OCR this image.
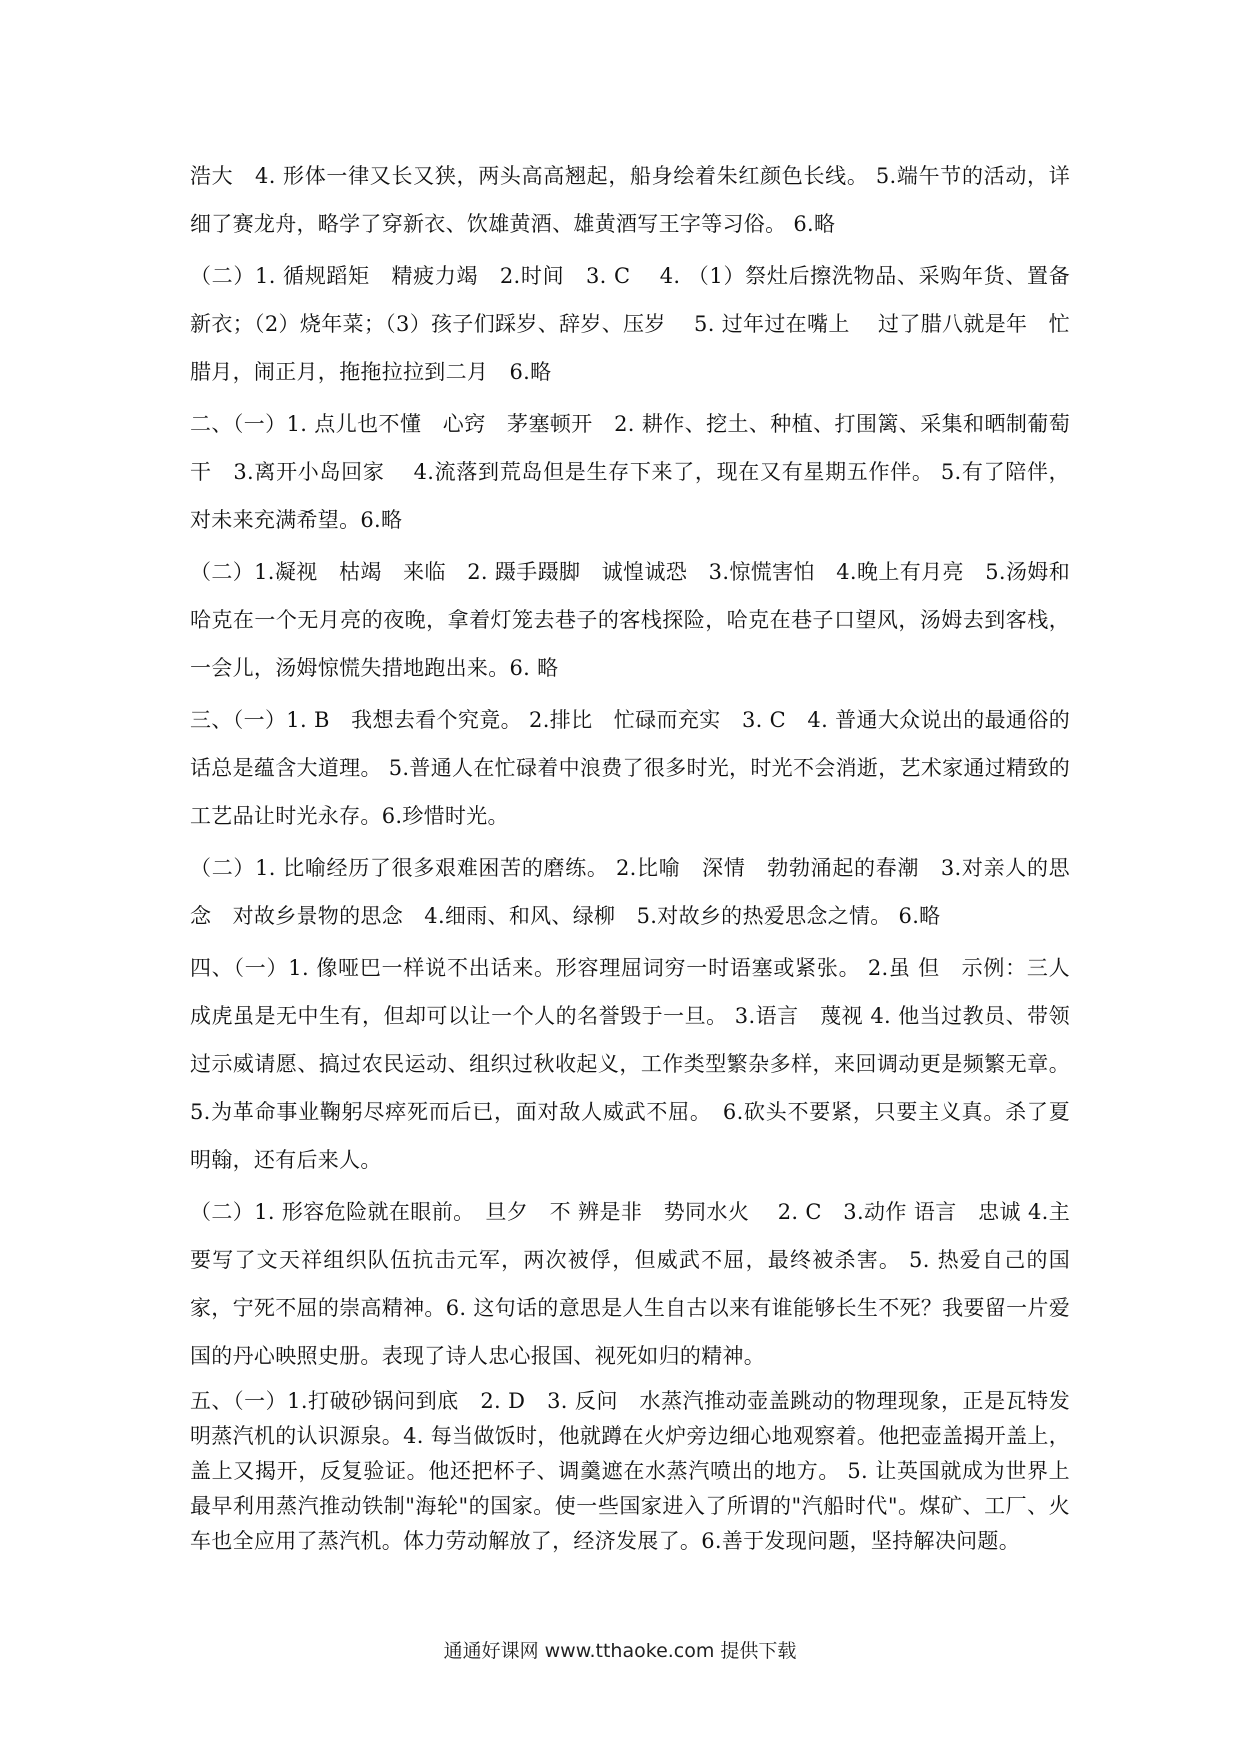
浩大　4. 形体一律又长又狭，两头高高翘起，船身绘着朱红颜色长线。 5.端午节的活动，详细了赛龙舟，略学了穿新衣、饮雄黄酒、雄黄酒写王字等习俗。 6.略

（二）1. 循规蹈矩　精疲力竭　2.时间　3. C　 4. （1）祭灶后擦洗物品、采购年货、置备新衣；（2）烧年菜；（3）孩子们踩岁、辞岁、压岁　 5. 过年过在嘴上　 过了腊八就是年　忙腊月，闹正月，拖拖拉拉到二月　6.略

二、（一）1. 点儿也不懂　心窍　茅塞顿开　2. 耕作、挖土、种植、打围篱、采集和晒制葡萄干　3.离开小岛回家　 4.流落到荒岛但是生存下来了，现在又有星期五作伴。 5.有了陪伴，对未来充满希望。6.略

（二）1.凝视　枯竭　来临　2. 蹑手蹑脚　诚惶诚恐　3.惊慌害怕　4.晚上有月亮　5.汤姆和哈克在一个无月亮的夜晚，拿着灯笼去巷子的客栈探险，哈克在巷子口望风，汤姆去到客栈，一会儿，汤姆惊慌失措地跑出来。6. 略

三、（一）1. B　我想去看个究竟。 2.排比　忙碌而充实　3. C　4. 普通大众说出的最通俗的话总是蕴含大道理。 5.普通人在忙碌着中浪费了很多时光，时光不会消逝，艺术家通过精致的工艺品让时光永存。6.珍惜时光。

（二）1. 比喻经历了很多艰难困苦的磨练。 2.比喻　深情　勃勃涌起的春潮　3.对亲人的思念　对故乡景物的思念　4.细雨、和风、绿柳　5.对故乡的热爱思念之情。 6.略

四、（一）1. 像哑巴一样说不出话来。形容理屈词穷一时语塞或紧张。 2.虽 但　示例：三人成虎虽是无中生有，但却可以让一个人的名誉毁于一旦。 3.语言　蔑视 4. 他当过教员、带领过示威请愿、搞过农民运动、组织过秋收起义，工作类型繁杂多样，来回调动更是频繁无章。 5.为革命事业鞠躬尽瘁死而后已，面对敌人威武不屈。　6.砍头不要紧，只要主义真。杀了夏明翰，还有后来人。

（二）1. 形容危险就在眼前。　旦夕　不 辨是非　势同水火　 2. C　3.动作 语言　忠诚 4.主要写了文天祥组织队伍抗击元军，两次被俘，但威武不屈，最终被杀害。 5. 热爱自己的国家，宁死不屈的崇高精神。6. 这句话的意思是人生自古以来有谁能够长生不死？我要留一片爱国的丹心映照史册。表现了诗人忠心报国、视死如归的精神。

五、（一）1.打破砂锅问到底　2. D　3. 反问　水蒸汽推动壶盖跳动的物理现象，正是瓦特发明蒸汽机的认识源泉。4. 每当做饭时，他就蹲在火炉旁边细心地观察着。他把壶盖揭开盖上，盖上又揭开，反复验证。他还把杯子、调羹遮在水蒸汽喷出的地方。 5. 让英国就成为世界上最早利用蒸汽推动铁制"海轮"的国家。使一些国家进入了所谓的"汽船时代"。煤矿、工厂、火车也全应用了蒸汽机。体力劳动解放了，经济发展了。6.善于发现问题，坚持解决问题。

通通好课网 www.tthaoke.com 提供下载
